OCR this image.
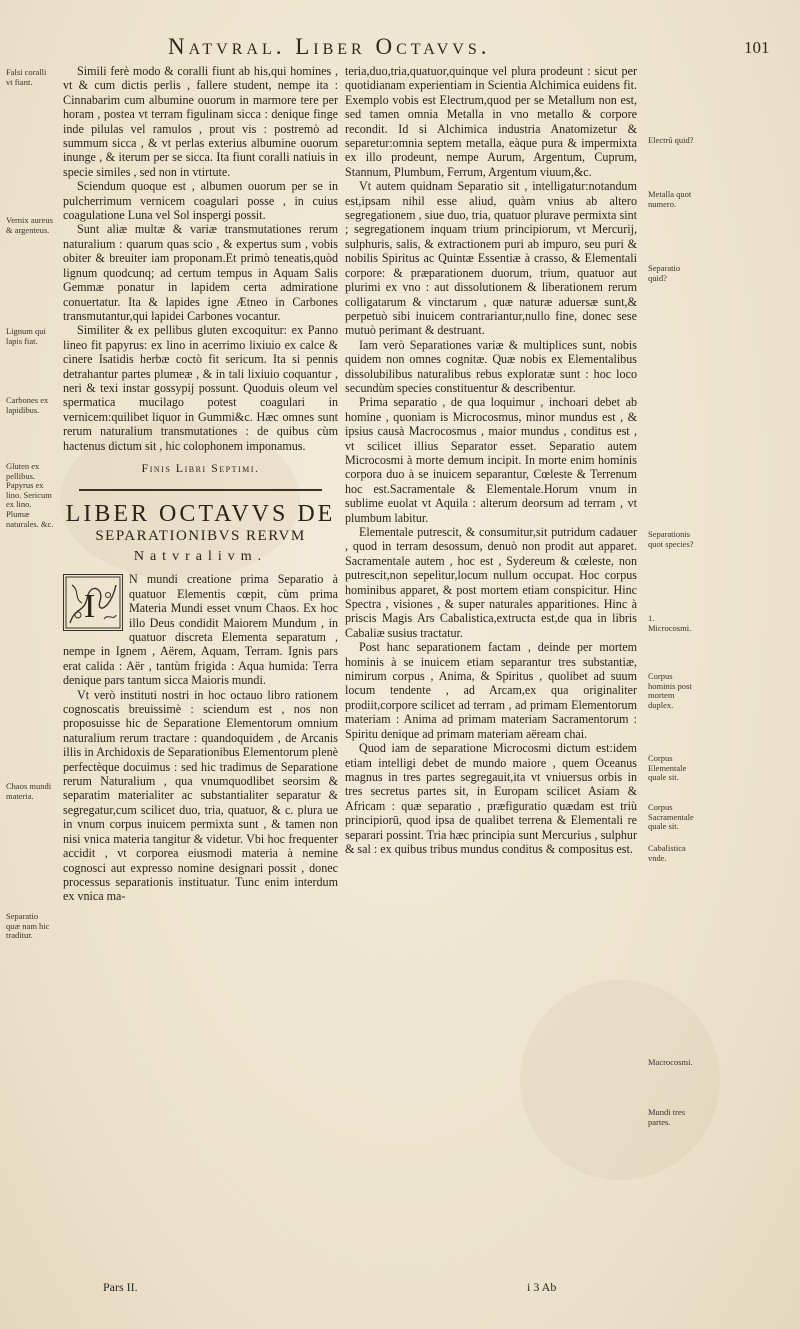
Natvral. Liber Octavvs.	101
Falsi coralli vt fiant.
Vernix aureus & argenteus.
Lignum qui lapis fiat.
Carbones ex lapidibus.
Gluten ex pellibus. Papyrus ex lino. Sericum ex lino. Plumæ naturales. &c.
Chaos mundi materia.
Separatio quæ nam hic traditur.
Electrū quid?
Metalla quot numero.
Separatio quid?
Separationis quot species?
1. Microcosmi.
Corpus hominis post mortem duplex.
Corpus Elementale quale sit.
Corpus Sacramentale quale sit.
Cabalistica vnde.
Macrocosmi.
Mundi tres partes.

Simili ferè modo & coralli fiunt ab his,qui homines , vt & cum dictis perlis , fallere student, nempe ita : Cinnabarim cum albumine ouorum in marmore tere per horam , postea vt terram figulinam sicca : denique finge inde pilulas vel ramulos , prout vis : postremò ad summum sicca , & vt perlas exterius albumine ouorum inunge , & iterum per se sicca. Ita fiunt coralli natiuis in specie similes , sed non in vtirtute.

Sciendum quoque est , albumen ouorum per se in pulcherrimum vernicem coagulari posse , in cuius coagulatione Luna vel Sol inspergi possit.

Sunt aliæ multæ & variæ transmutationes rerum naturalium : quarum quas scio , & expertus sum , vobis obiter & breuiter iam proponam.Et primò teneatis,quòd lignum quodcunq; ad certum tempus in Aquam Salis Gemmæ ponatur in lapidem certa admiratione conuertatur. Ita & lapides igne Ætneo in Carbones transmutantur,qui lapidei Carbones vocantur.

Similiter & ex pellibus gluten excoquitur: ex Panno lineo fit papyrus: ex lino in acerrimo lixiuio ex calce & cinere Isatidis herbæ coctò fit sericum. Ita si pennis detrahantur partes plumeæ , & in tali lixiuio coquantur , neri & texi instar gossypij possunt. Quoduis oleum vel spermatica mucilago potest coagulari in vernicem:quilibet liquor in Gummi&c. Hæc omnes sunt rerum naturalium transmutationes : de quibus cùm hactenus dictum sit , hic colophonem imponamus.

Finis Libri Septimi.
LIBER OCTAVVS DE
SEPARATIONIBVS RERVM
Natvralivm.
I

N mundi creatione prima Separatio à quatuor Elementis cœpit, cùm prima Materia Mundi esset vnum Chaos. Ex hoc illo Deus condidit Maiorem Mundum , in quatuor discreta Elementa separatum , nempe in Ignem , Aërem, Aquam, Terram. Ignis pars erat calida : Aër , tantùm frigida : Aqua humida: Terra denique pars tantum sicca Maioris mundi.

Vt verò instituti nostri in hoc octauo libro rationem cognoscatis breuissimè : sciendum est , nos non proposuisse hic de Separatione Elementorum omnium naturalium rerum tractare : quandoquidem , de Arcanis illis in Archidoxis de Separationibus Elementorum plenè perfectèque docuimus : sed hic tradimus de Separatione rerum Naturalium , qua vnumquodlibet seorsim & separatim materialiter ac substantialiter separatur & segregatur,cum scilicet duo, tria, quatuor, & c. plura ue in vnum corpus inuicem permixta sunt , & tamen non nisi vnica materia tangitur & videtur. Vbi hoc frequenter accidit , vt corporea eiusmodi materia à nemine cognosci aut expresso nomine designari possit , donec processus separationis instituatur. Tunc enim interdum ex vnica ma-

Pars II.

teria,duo,tria,quatuor,quinque vel plura prodeunt : sicut per quotidianam experientiam in Scientia Alchimica euidens fit. Exemplo vobis est Electrum,quod per se Metallum non est, sed tamen omnia Metalla in vno metallo & corpore recondit. Id si Alchimica industria Anatomizetur & separetur:omnia septem metalla, eàque pura & impermixta ex illo prodeunt, nempe Aurum, Argentum, Cuprum, Stannum, Plumbum, Ferrum, Argentum viuum,&c.

Vt autem quidnam Separatio sit , intelligatur:notandum est,ipsam nihil esse aliud, quàm vnius ab altero segregationem , siue duo, tria, quatuor plurave permixta sint ; segregationem inquam trium principiorum, vt Mercurij, sulphuris, salis, & extractionem puri ab impuro, seu puri & nobilis Spiritus ac Quintæ Essentiæ à crasso, & Elementali corpore: & præparationem duorum, trium, quatuor aut plurimi ex vno : aut dissolutionem & liberationem rerum colligatarum & vinctarum , quæ naturæ aduersæ sunt,& perpetuò sibi inuicem contrariantur,nullo fine, donec sese mutuò perimant & destruant.

Iam verò Separationes variæ & multiplices sunt, nobis quidem non omnes cognitæ. Quæ nobis ex Elementalibus dissolubilibus naturalibus rebus exploratæ sunt : hoc loco secundùm species constituentur & describentur.

Prima separatio , de qua loquimur , inchoari debet ab homine , quoniam is Microcosmus, minor mundus est , & ipsius causà Macrocosmus , maior mundus , conditus est , vt scilicet illius Separator esset. Separatio autem Microcosmi à morte demum incipit. In morte enim hominis corpora duo à se inuicem separantur, Cœleste & Terrenum hoc est.Sacramentale & Elementale.Horum vnum in sublime euolat vt Aquila : alterum deorsum ad terram , vt plumbum labitur.

Elementale putrescit, & consumitur,sit putridum cadauer , quod in terram desossum, denuò non prodit aut apparet. Sacramentale autem , hoc est , Sydereum & cœleste, non putrescit,non sepelitur,locum nullum occupat. Hoc corpus hominibus apparet, & post mortem etiam conspicitur. Hinc Spectra , visiones , & super naturales apparitiones. Hinc à priscis Magis Ars Cabalistica,extructa est,de qua in libris Cabaliæ susius tractatur.

Post hanc separationem factam , deinde per mortem hominis à se inuicem etiam separantur tres substantiæ, nimirum corpus , Anima, & Spiritus , quolibet ad suum locum tendente , ad Arcam,ex qua originaliter prodiit,corpore scilicet ad terram , ad primam Elementorum materiam : Anima ad primam materiam Sacramentorum : Spiritu denique ad primam materiam aëream chai.

Quod iam de separatione Microcosmi dictum est:idem etiam intelligi debet de mundo maiore , quem Oceanus magnus in tres partes segregauit,ita vt vniuersus orbis in tres secretus partes sit, in Europam scilicet Asiam & Africam : quæ separatio , præfiguratio quædam est triù principiorū, quod ipsa de qualibet terrena & Elementali re separari possint. Tria hæc principia sunt Mercurius , sulphur & sal : ex quibus tribus mundus conditus & compositus est.

i 3 Ab
